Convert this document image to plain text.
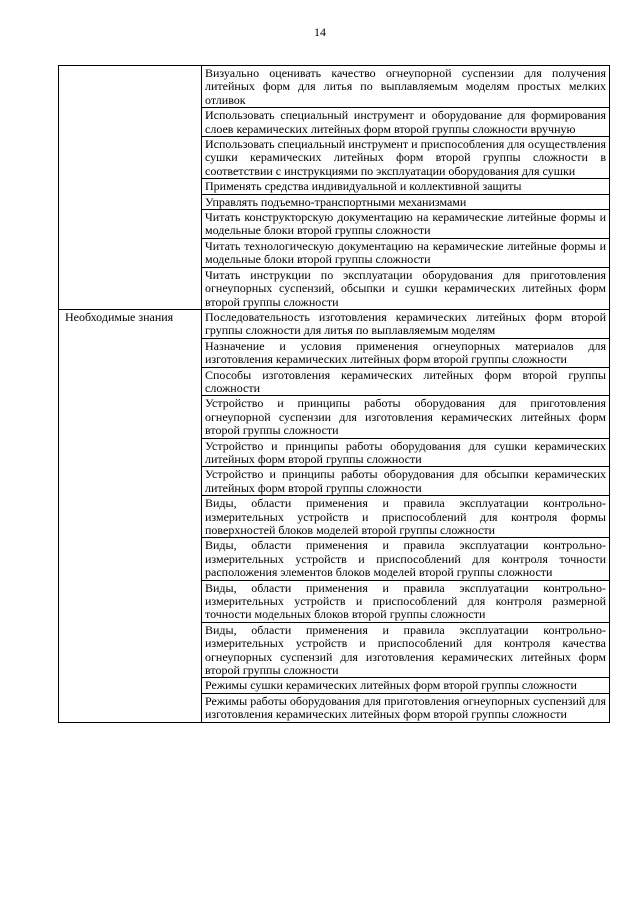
14
	Визуально оценивать качество огнеупорной суспензии для получения литейных форм для литья по выплавляемым моделям простых мелких отливок
	Использовать специальный инструмент и оборудование для формирования слоев керамических литейных форм второй группы сложности вручную
	Использовать специальный инструмент и приспособления для осуществления сушки керамических литейных форм второй группы сложности в соответствии с инструкциями по эксплуатации оборудования для сушки
	Применять средства индивидуальной и коллективной защиты
	Управлять подъемно-транспортными механизмами
	Читать конструкторскую документацию на керамические литейные формы и модельные блоки второй группы сложности
	Читать технологическую документацию на керамические литейные формы и модельные блоки второй группы сложности
	Читать инструкции по эксплуатации оборудования для приготовления огнеупорных суспензий, обсыпки и сушки керамических литейных форм второй группы сложности
Необходимые знания	Последовательность изготовления керамических литейных форм второй группы сложности для литья по выплавляемым моделям
	Назначение и условия применения огнеупорных материалов для изготовления керамических литейных форм второй группы сложности
	Способы изготовления керамических литейных форм второй группы сложности
	Устройство и принципы работы оборудования для приготовления огнеупорной суспензии для изготовления керамических литейных форм второй группы сложности
	Устройство и принципы работы оборудования для сушки керамических литейных форм второй группы сложности
	Устройство и принципы работы оборудования для обсыпки керамических литейных форм второй группы сложности
	Виды, области применения и правила эксплуатации контрольно-измерительных устройств и приспособлений для контроля формы поверхностей блоков моделей второй группы сложности
	Виды, области применения и правила эксплуатации контрольно-измерительных устройств и приспособлений для контроля точности расположения элементов блоков моделей второй группы сложности
	Виды, области применения и правила эксплуатации контрольно-измерительных устройств и приспособлений для контроля размерной точности модельных блоков второй группы сложности
	Виды, области применения и правила эксплуатации контрольно-измерительных устройств и приспособлений для контроля качества огнеупорных суспензий для изготовления керамических литейных форм второй группы сложности
	Режимы сушки керамических литейных форм второй группы сложности
	Режимы работы оборудования для приготовления огнеупорных суспензий для изготовления керамических литейных форм второй группы сложности
